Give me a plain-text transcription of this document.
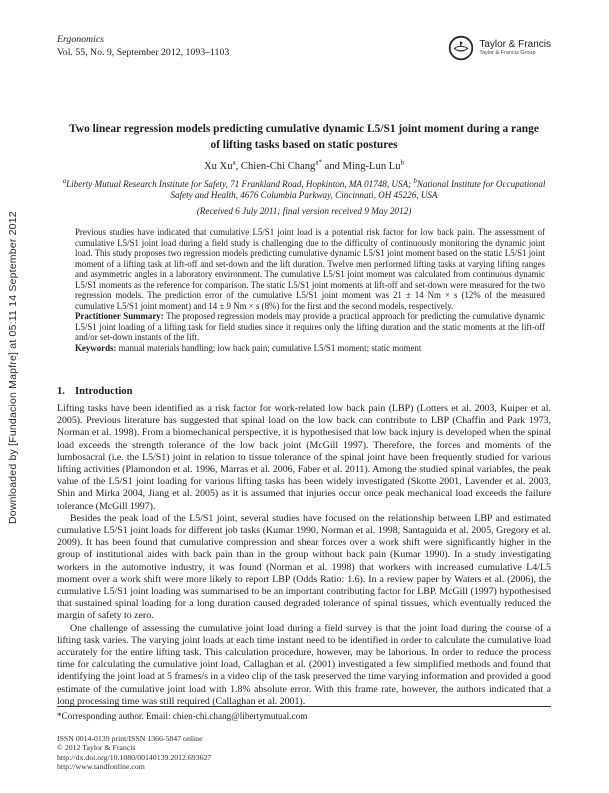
Downloaded by [Fundacion Mapfre] at 05:11 14 September 2012
Ergonomics
Vol. 55, No. 9, September 2012, 1093–1103
Taylor & Francis
Taylor & Francis Group
Two linear regression models predicting cumulative dynamic L5/S1 joint moment during a range of lifting tasks based on static postures
Xu Xu$^a$, Chien-Chi Chang$^{a*}$ and Ming-Lun Lu$^b$
$^a$Liberty Mutual Research Institute for Safety, 71 Frankland Road, Hopkinton, MA 01748, USA; $^b$National Institute for Occupational Safety and Health, 4676 Columbia Parkway, Cincinnati, OH 45226, USA
(Received 6 July 2011; final version received 9 May 2012)

Previous studies have indicated that cumulative L5/S1 joint load is a potential risk factor for low back pain. The assessment of cumulative L5/S1 joint load during a field study is challenging due to the difficulty of continuously monitoring the dynamic joint load. This study proposes two regression models predicting cumulative dynamic L5/S1 joint moment based on the static L5/S1 joint moment of a lifting task at lift-off and set-down and the lift duration. Twelve men performed lifting tasks at varying lifting ranges and asymmetric angles in a laboratory environment. The cumulative L5/S1 joint moment was calculated from continuous dynamic L5/S1 moments as the reference for comparison. The static L5/S1 joint moments at lift-off and set-down were measured for the two regression models. The prediction error of the cumulative L5/S1 joint moment was 21 ± 14 Nm × s (12% of the measured cumulative L5/S1 joint moment) and 14 ± 9 Nm × s (8%) for the first and the second models, respectively.

Practitioner Summary: The proposed regression models may provide a practical approach for predicting the cumulative dynamic L5/S1 joint loading of a lifting task for field studies since it requires only the lifting duration and the static moments at the lift-off and/or set-down instants of the lift.

Keywords: manual materials handling; low back pain; cumulative L5/S1 moment; static moment

1. Introduction

Lifting tasks have been identified as a risk factor for work-related low back pain (LBP) (Lotters et al. 2003, Kuiper et al. 2005). Previous literature has suggested that spinal load on the low back can contribute to LBP (Chaffin and Park 1973, Norman et al. 1998). From a biomechanical perspective, it is hypothesised that low back injury is developed when the spinal load exceeds the strength tolerance of the low back joint (McGill 1997). Therefore, the forces and moments of the lumbosacral (i.e. the L5/S1) joint in relation to tissue tolerance of the spinal joint have been frequently studied for various lifting activities (Plamondon et al. 1996, Marras et al. 2006, Faber et al. 2011). Among the studied spinal variables, the peak value of the L5/S1 joint loading for various lifting tasks has been widely investigated (Skotte 2001, Lavender et al. 2003, Shin and Mirka 2004, Jiang et al. 2005) as it is assumed that injuries occur once peak mechanical load exceeds the failure tolerance (McGill 1997).

Besides the peak load of the L5/S1 joint, several studies have focused on the relationship between LBP and estimated cumulative L5/S1 joint loads for different job tasks (Kumar 1990, Norman et al. 1998, Santaguida et al. 2005, Gregory et al. 2009). It has been found that cumulative compression and shear forces over a work shift were significantly higher in the group of institutional aides with back pain than in the group without back pain (Kumar 1990). In a study investigating workers in the automotive industry, it was found (Norman et al. 1998) that workers with increased cumulative L4/L5 moment over a work shift were more likely to report LBP (Odds Ratio: 1.6). In a review paper by Waters et al. (2006), the cumulative L5/S1 joint loading was summarised to be an important contributing factor for LBP. McGill (1997) hypothesised that sustained spinal loading for a long duration caused degraded tolerance of spinal tissues, which eventually reduced the margin of safety to zero.

One challenge of assessing the cumulative joint load during a field survey is that the joint load during the course of a lifting task varies. The varying joint loads at each time instant need to be identified in order to calculate the cumulative load accurately for the entire lifting task. This calculation procedure, however, may be laborious. In order to reduce the process time for calculating the cumulative joint load, Callaghan et al. (2001) investigated a few simplified methods and found that identifying the joint load at 5 frames/s in a video clip of the task preserved the time varying information and provided a good estimate of the cumulative joint load with 1.8% absolute error. With this frame rate, however, the authors indicated that a long processing time was still required (Callaghan et al. 2001).

*Corresponding author. Email: chien-chi.chang@libertymutual.com

ISSN 0014-0139 print/ISSN 1366-5847 online
© 2012 Taylor & Francis
http://dx.doi.org/10.1080/00140139.2012.693627
http://www.tandfonline.com
